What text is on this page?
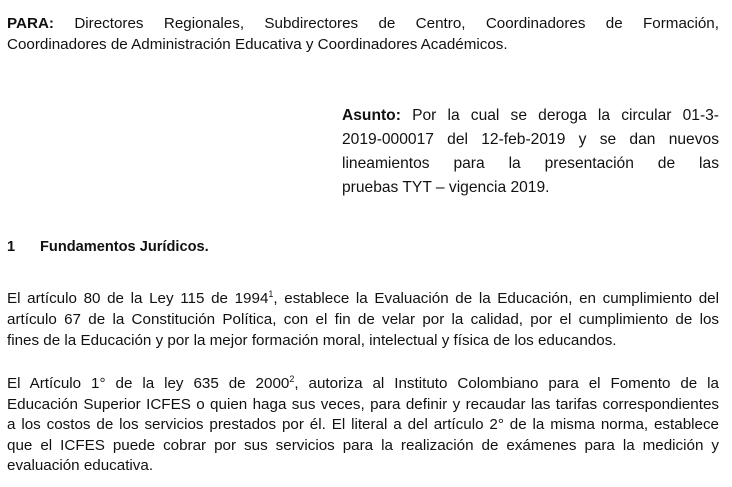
PARA: Directores Regionales, Subdirectores de Centro, Coordinadores de Formación,
Coordinadores de Administración Educativa y Coordinadores Académicos.
Asunto: Por la cual se deroga la circular 01-3-
2019-000017 del 12-feb-2019 y se dan nuevos
lineamientos para la presentación de las
pruebas TYT – vigencia 2019.
1 Fundamentos Jurídicos.
El artículo 80 de la Ley 115 de 1994$^1$, establece la Evaluación de la Educación, en cumplimiento del
artículo 67 de la Constitución Política, con el fin de velar por la calidad, por el cumplimiento de los
fines de la Educación y por la mejor formación moral, intelectual y física de los educandos.
El Artículo 1° de la ley 635 de 2000$^2$, autoriza al Instituto Colombiano para el Fomento de la
Educación Superior ICFES o quien haga sus veces, para definir y recaudar las tarifas correspondientes
a los costos de los servicios prestados por él. El literal a del artículo 2° de la misma norma, establece
que el ICFES puede cobrar por sus servicios para la realización de exámenes para la medición y
evaluación educativa.
